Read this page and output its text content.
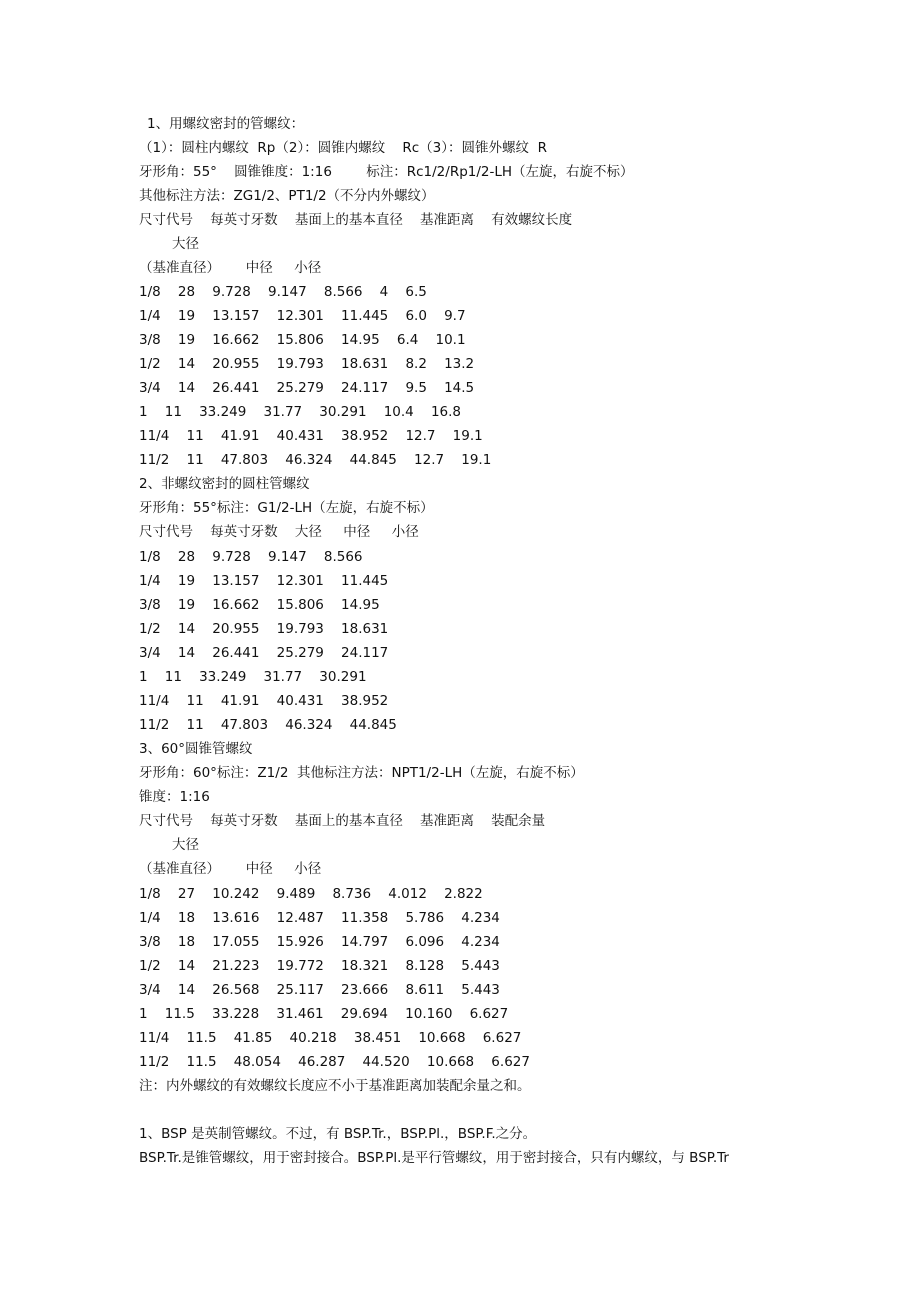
1、用螺纹密封的管螺纹：
（1）：圆柱内螺纹  Rp（2）：圆锥内螺纹    Rc（3）：圆锥外螺纹  R
牙形角：55°    圆锥锥度：1:16        标注：Rc1/2/Rp1/2-LH（左旋，右旋不标）
其他标注方法：ZG1/2、PT1/2（不分内外螺纹）
尺寸代号    每英寸牙数    基面上的基本直径    基准距离    有效螺纹长度
大径
（基准直径）      中径     小径
1/8    28    9.728    9.147    8.566    4    6.5
1/4    19    13.157    12.301    11.445    6.0    9.7
3/8    19    16.662    15.806    14.95    6.4    10.1
1/2    14    20.955    19.793    18.631    8.2    13.2
3/4    14    26.441    25.279    24.117    9.5    14.5
1    11    33.249    31.77    30.291    10.4    16.8
11/4    11    41.91    40.431    38.952    12.7    19.1
11/2    11    47.803    46.324    44.845    12.7    19.1
2、非螺纹密封的圆柱管螺纹
牙形角：55°标注：G1/2-LH（左旋，右旋不标）
尺寸代号    每英寸牙数    大径     中径     小径
1/8    28    9.728    9.147    8.566
1/4    19    13.157    12.301    11.445
3/8    19    16.662    15.806    14.95
1/2    14    20.955    19.793    18.631
3/4    14    26.441    25.279    24.117
1    11    33.249    31.77    30.291
11/4    11    41.91    40.431    38.952
11/2    11    47.803    46.324    44.845
3、60°圆锥管螺纹
牙形角：60°标注：Z1/2  其他标注方法：NPT1/2-LH（左旋，右旋不标）
锥度：1:16
尺寸代号    每英寸牙数    基面上的基本直径    基准距离    装配余量
大径
（基准直径）      中径     小径
1/8    27    10.242    9.489    8.736    4.012    2.822
1/4    18    13.616    12.487    11.358    5.786    4.234
3/8    18    17.055    15.926    14.797    6.096    4.234
1/2    14    21.223    19.772    18.321    8.128    5.443
3/4    14    26.568    25.117    23.666    8.611    5.443
1    11.5    33.228    31.461    29.694    10.160    6.627
11/4    11.5    41.85    40.218    38.451    10.668    6.627
11/2    11.5    48.054    46.287    44.520    10.668    6.627
注：内外螺纹的有效螺纹长度应不小于基准距离加装配余量之和。
1、BSP 是英制管螺纹。不过，有 BSP.Tr.，BSP.Pl.，BSP.F.之分。
BSP.Tr.是锥管螺纹，用于密封接合。BSP.Pl.是平行管螺纹，用于密封接合，只有内螺纹，与 BSP.Tr
